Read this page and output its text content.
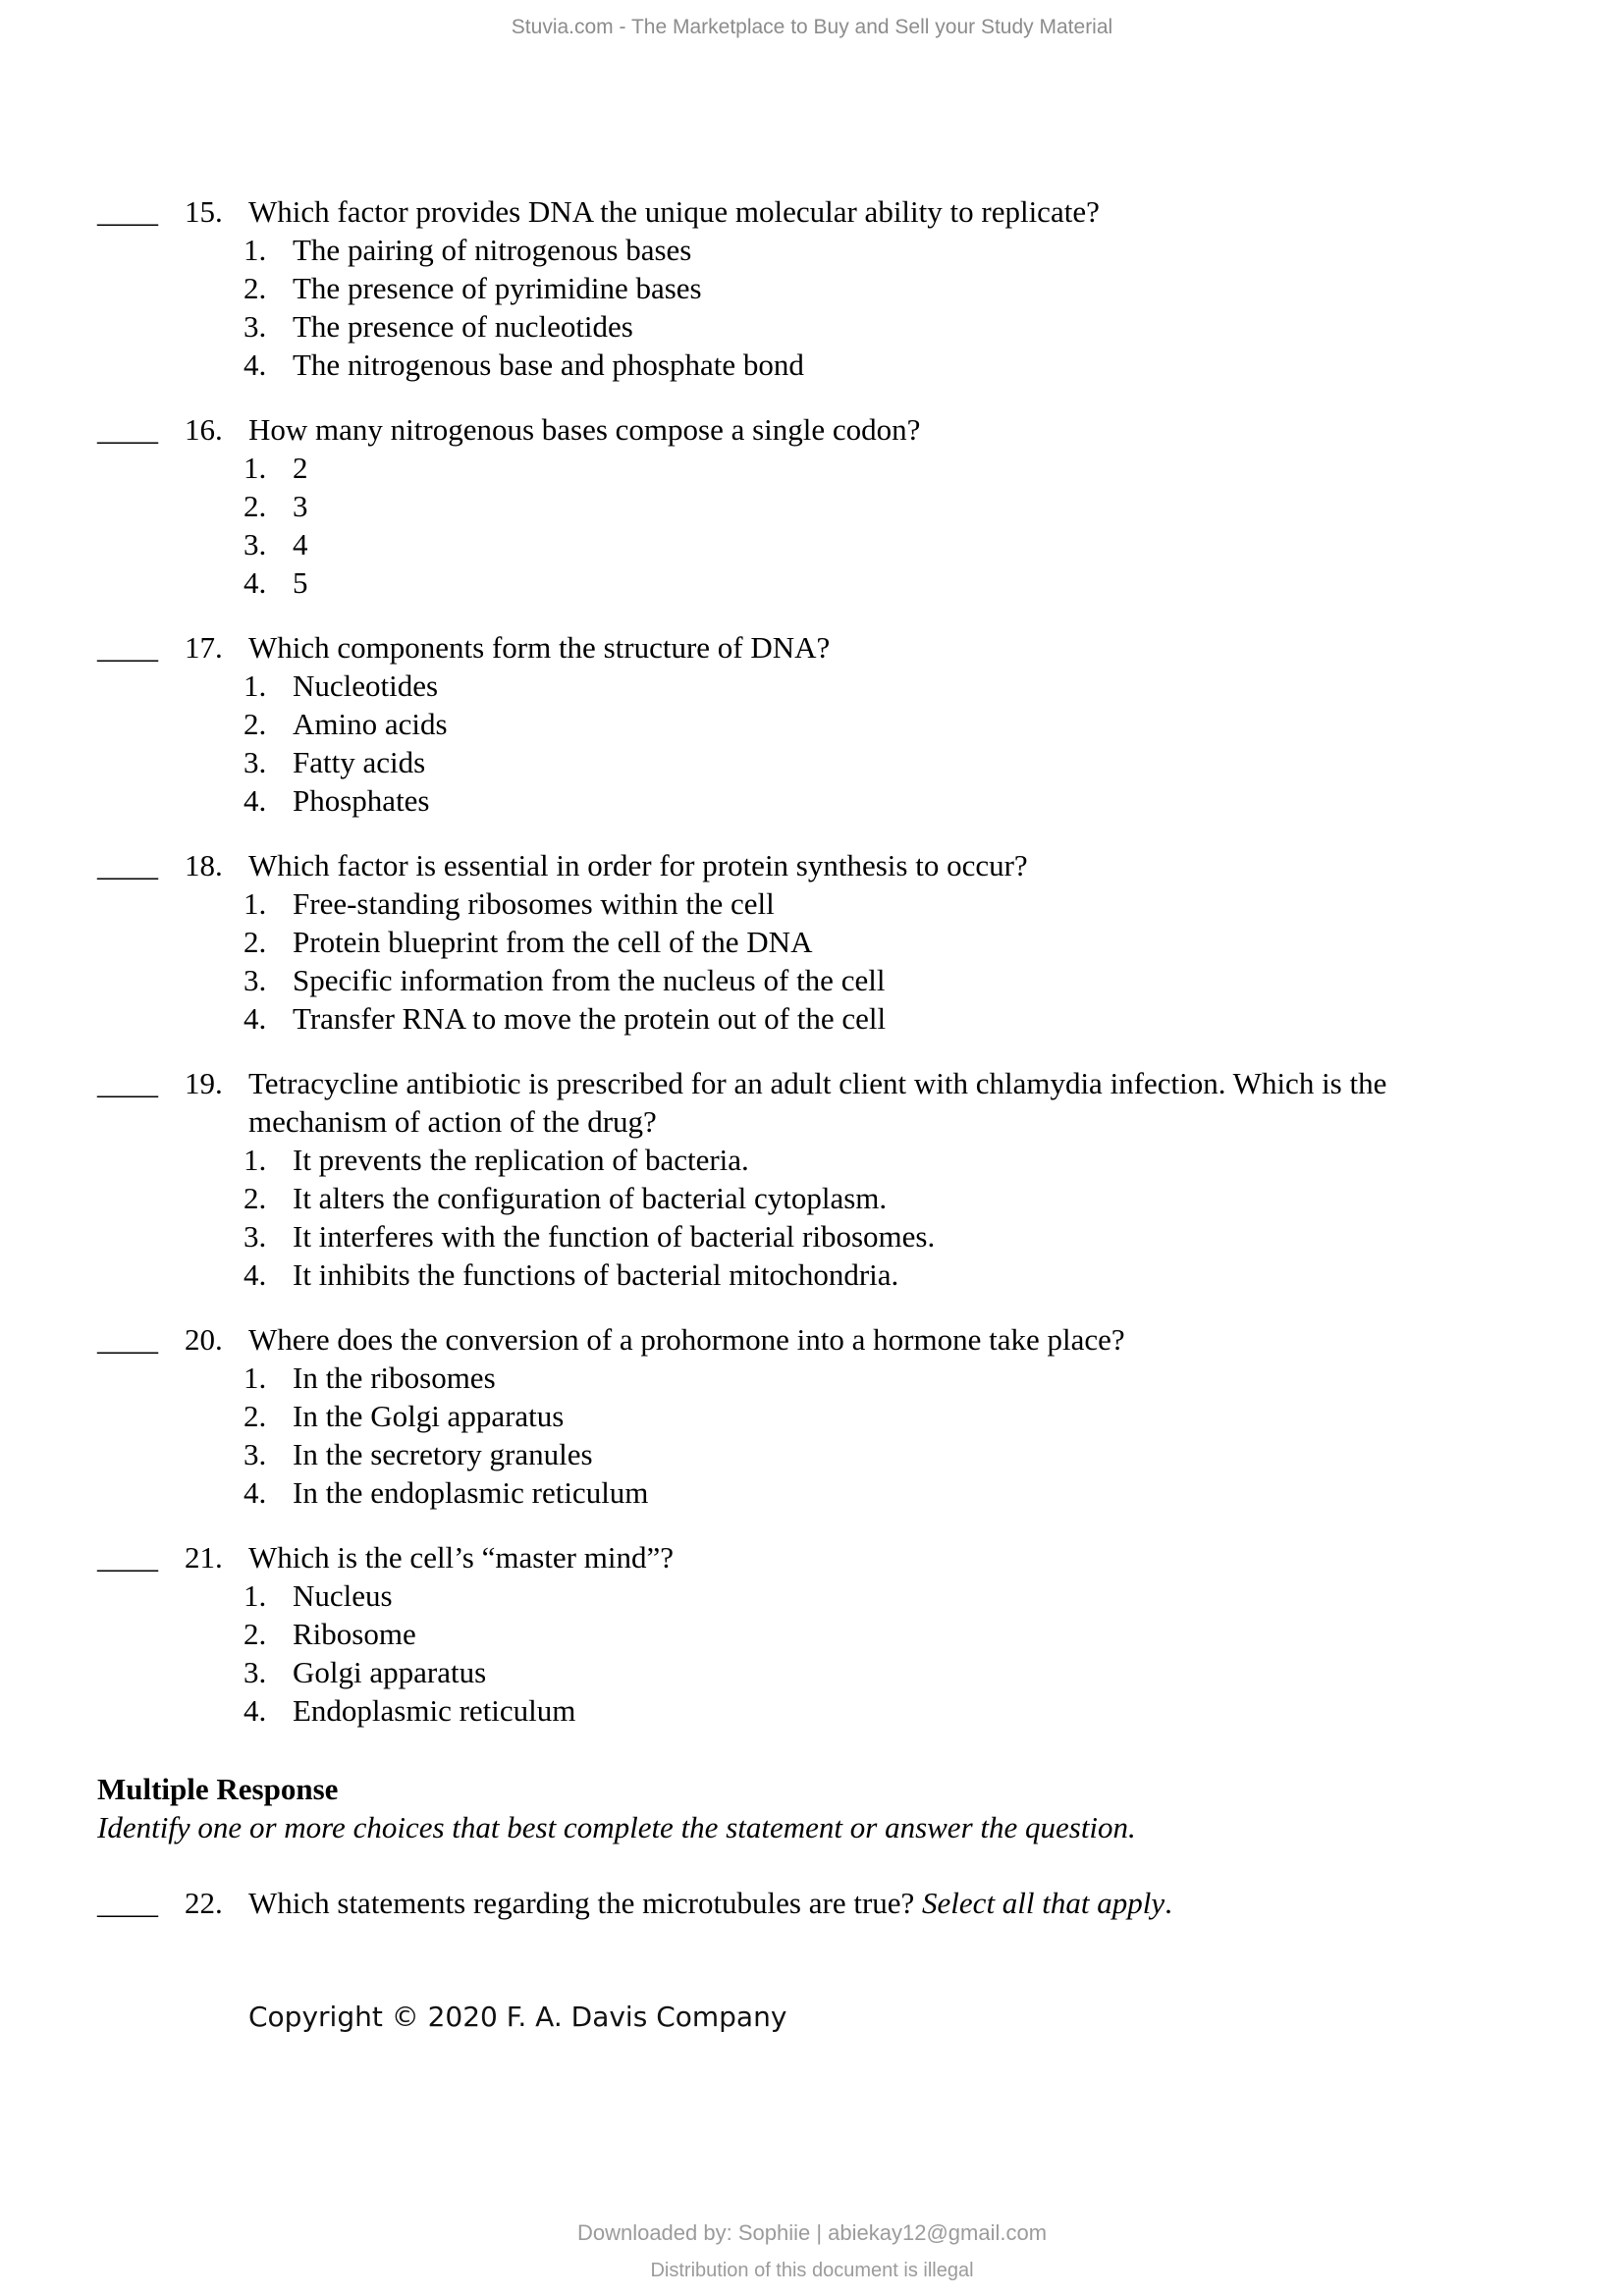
Stuvia.com - The Marketplace to Buy and Sell your Study Material
____ 15. Which factor provides DNA the unique molecular ability to replicate?
1. The pairing of nitrogenous bases
2. The presence of pyrimidine bases
3. The presence of nucleotides
4. The nitrogenous base and phosphate bond
____ 16. How many nitrogenous bases compose a single codon?
1. 2
2. 3
3. 4
4. 5
____ 17. Which components form the structure of DNA?
1. Nucleotides
2. Amino acids
3. Fatty acids
4. Phosphates
____ 18. Which factor is essential in order for protein synthesis to occur?
1. Free-standing ribosomes within the cell
2. Protein blueprint from the cell of the DNA
3. Specific information from the nucleus of the cell
4. Transfer RNA to move the protein out of the cell
____ 19. Tetracycline antibiotic is prescribed for an adult client with chlamydia infection. Which is the mechanism of action of the drug?
1. It prevents the replication of bacteria.
2. It alters the configuration of bacterial cytoplasm.
3. It interferes with the function of bacterial ribosomes.
4. It inhibits the functions of bacterial mitochondria.
____ 20. Where does the conversion of a prohormone into a hormone take place?
1. In the ribosomes
2. In the Golgi apparatus
3. In the secretory granules
4. In the endoplasmic reticulum
____ 21. Which is the cell’s “master mind”?
1. Nucleus
2. Ribosome
3. Golgi apparatus
4. Endoplasmic reticulum
Multiple Response
Identify one or more choices that best complete the statement or answer the question.
____ 22. Which statements regarding the microtubules are true? Select all that apply.
Copyright © 2020 F. A. Davis Company
Downloaded by: Sophiie | abiekay12@gmail.com
Distribution of this document is illegal
